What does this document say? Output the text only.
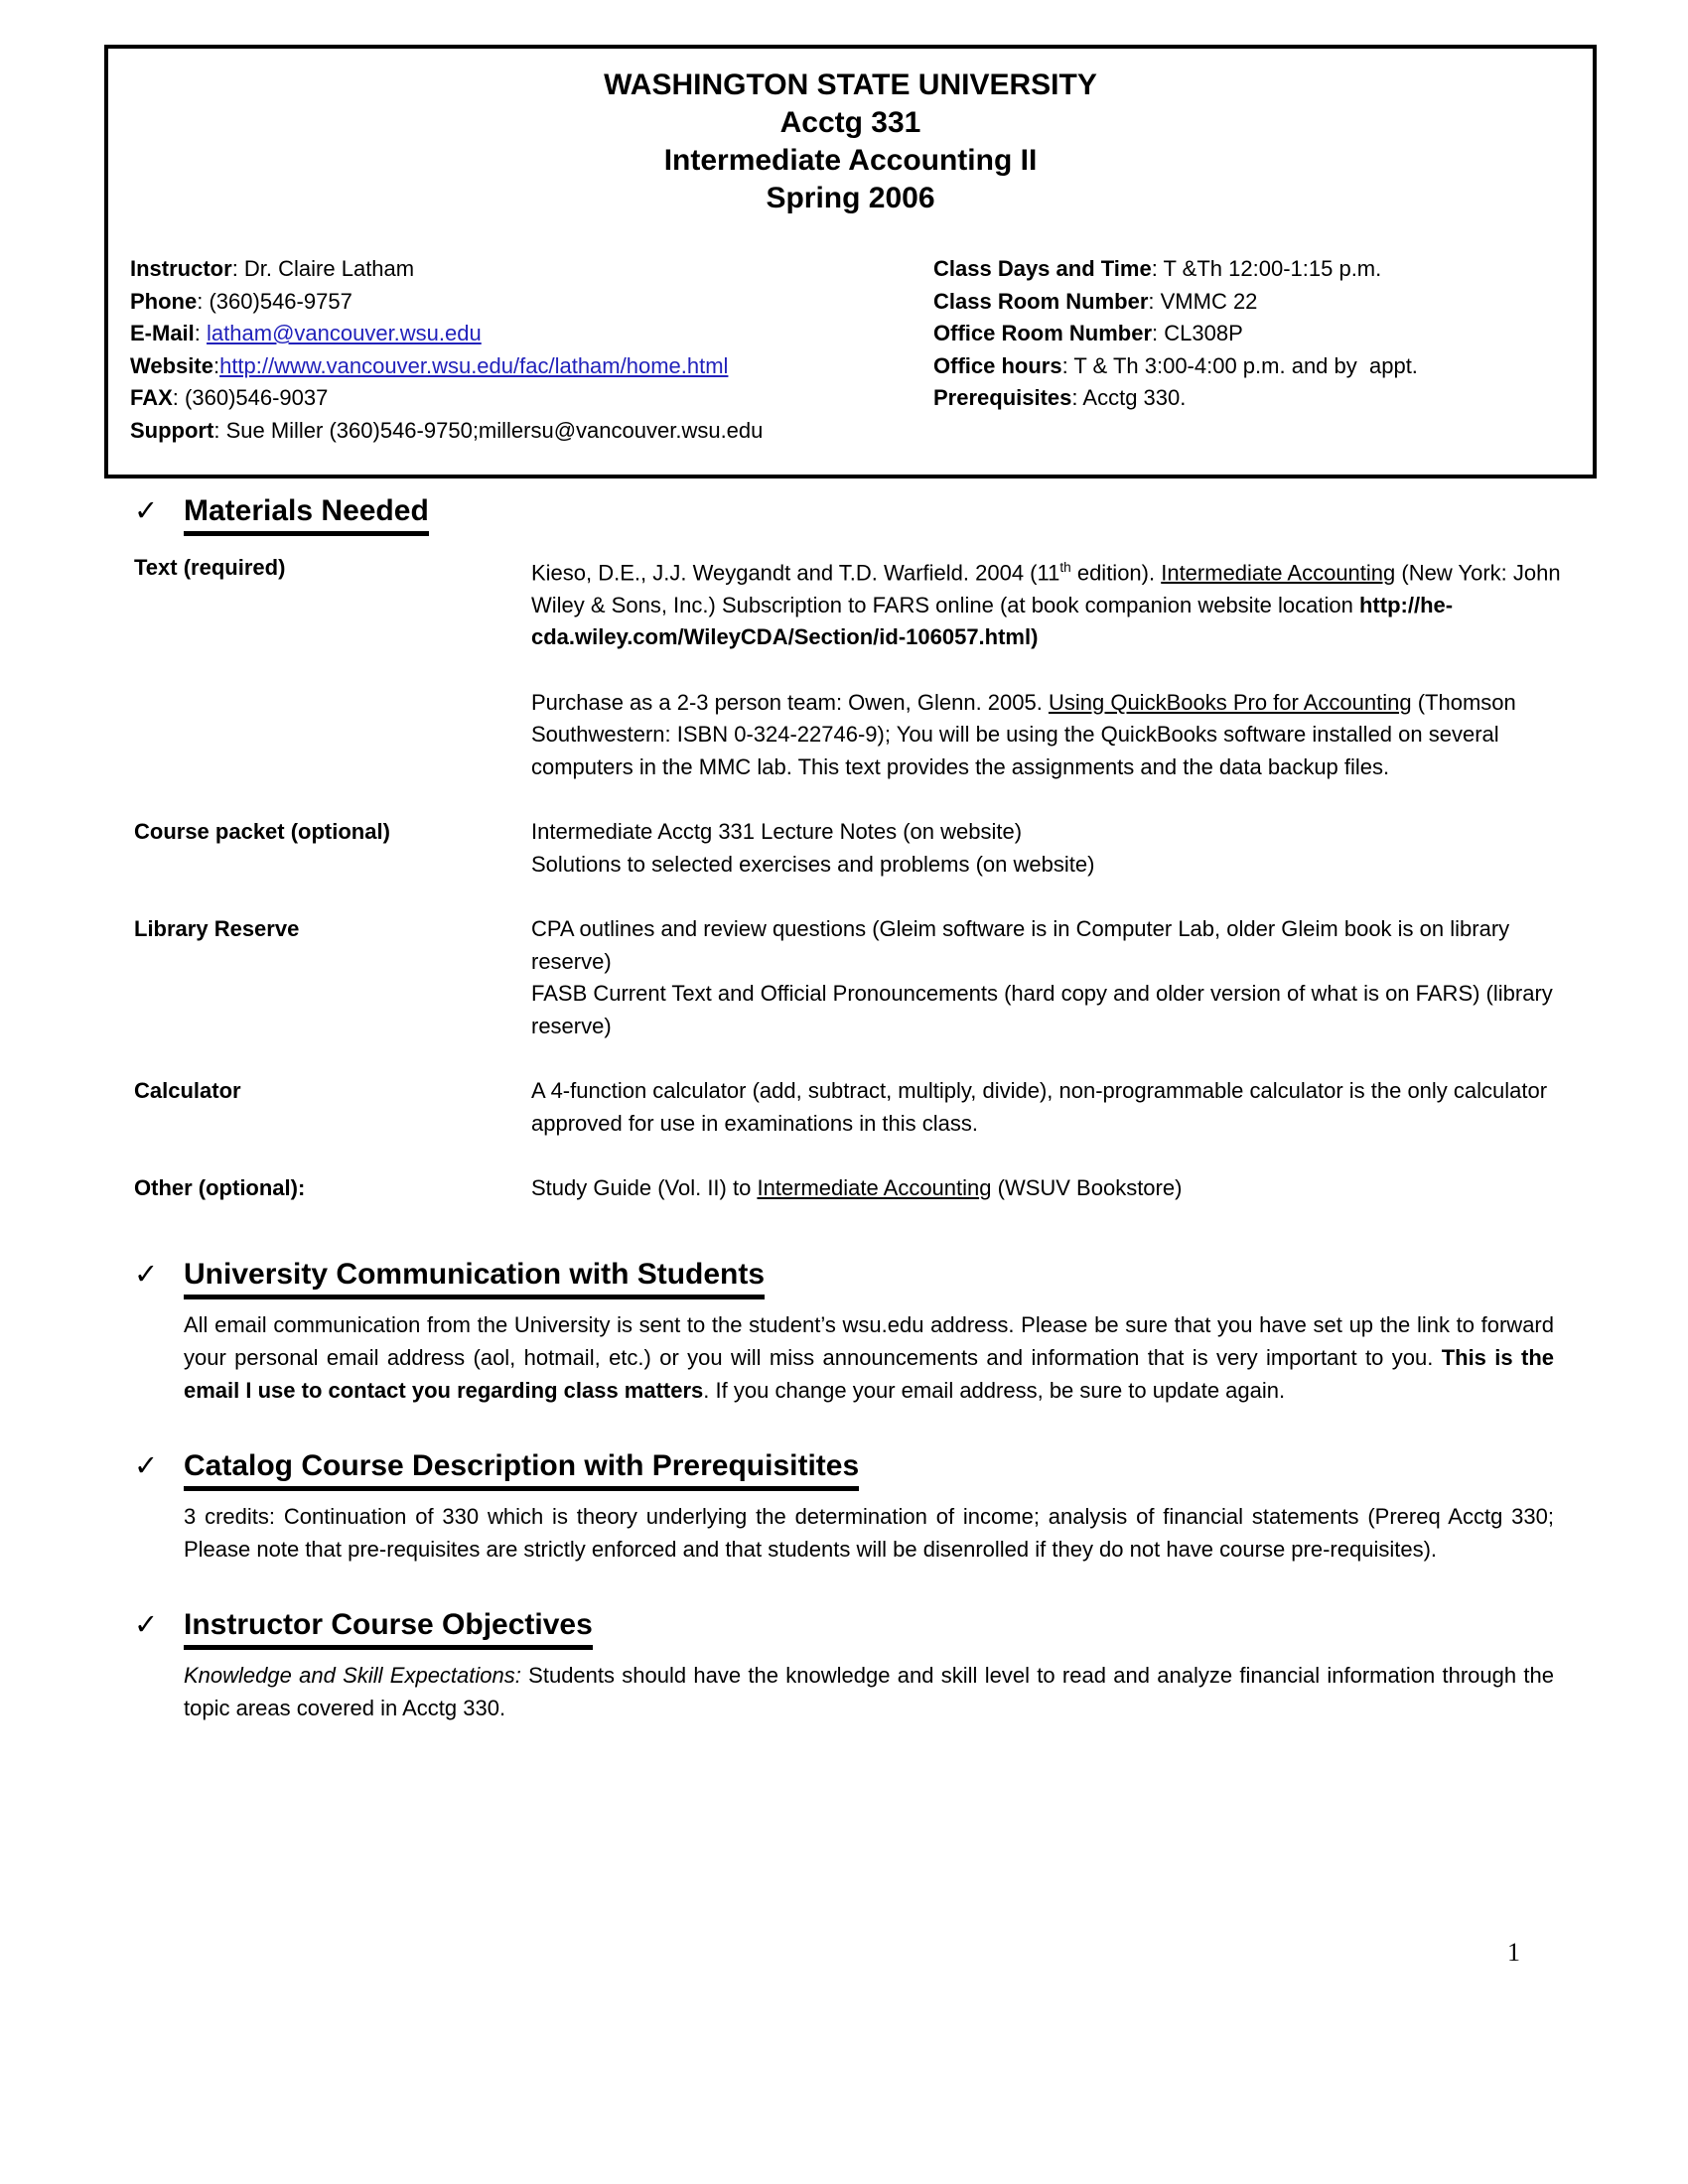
WASHINGTON STATE UNIVERSITY
Acctg 331
Intermediate Accounting II
Spring 2006
Instructor: Dr. Claire Latham
Phone: (360)546-9757
E-Mail: latham@vancouver.wsu.edu
Website:http://www.vancouver.wsu.edu/fac/latham/home.html
FAX: (360)546-9037
Support: Sue Miller (360)546-9750;millersu@vancouver.wsu.edu
Class Days and Time: T &Th 12:00-1:15 p.m.
Class Room Number: VMMC 22
Office Room Number: CL308P
Office hours: T & Th 3:00-4:00 p.m. and by  appt.
Prerequisites: Acctg 330.
✓ Materials Needed
Text (required)	Kieso, D.E., J.J. Weygandt and T.D. Warfield. 2004 (11th edition). Intermediate Accounting (New York: John Wiley & Sons, Inc.) Subscription to FARS online (at book companion website location http://he-cda.wiley.com/WileyCDA/Section/id-106057.html)

Purchase as a 2-3 person team: Owen, Glenn. 2005. Using QuickBooks Pro for Accounting (Thomson Southwestern: ISBN 0-324-22746-9); You will be using the QuickBooks software installed on several computers in the MMC lab. This text provides the assignments and the data backup files.

Course packet (optional)	Intermediate Acctg 331 Lecture Notes (on website)

Solutions to selected exercises and problems (on website)

Library Reserve	CPA outlines and review questions (Gleim software is in Computer Lab, older Gleim book is on library reserve)

FASB Current Text and Official Pronouncements (hard copy and older version of what is on FARS) (library reserve)

Calculator	A 4-function calculator (add, subtract, multiply, divide), non-programmable calculator is the only calculator approved for use in examinations in this class.

Other (optional):	Study Guide (Vol. II) to Intermediate Accounting (WSUV Bookstore)

✓ University Communication with Students
All email communication from the University is sent to the student’s wsu.edu address. Please be sure that you have set up the link to forward your personal email address (aol, hotmail, etc.) or you will miss announcements and information that is very important to you. This is the email I use to contact you regarding class matters. If you change your email address, be sure to update again.
✓ Catalog Course Description with Prerequisitites
3 credits: Continuation of 330 which is theory underlying the determination of income; analysis of financial statements (Prereq Acctg 330; Please note that pre-requisites are strictly enforced and that students will be disenrolled if they do not have course pre-requisites).
✓ Instructor Course Objectives
Knowledge and Skill Expectations: Students should have the knowledge and skill level to read and analyze financial information through the topic areas covered in Acctg 330.
1
